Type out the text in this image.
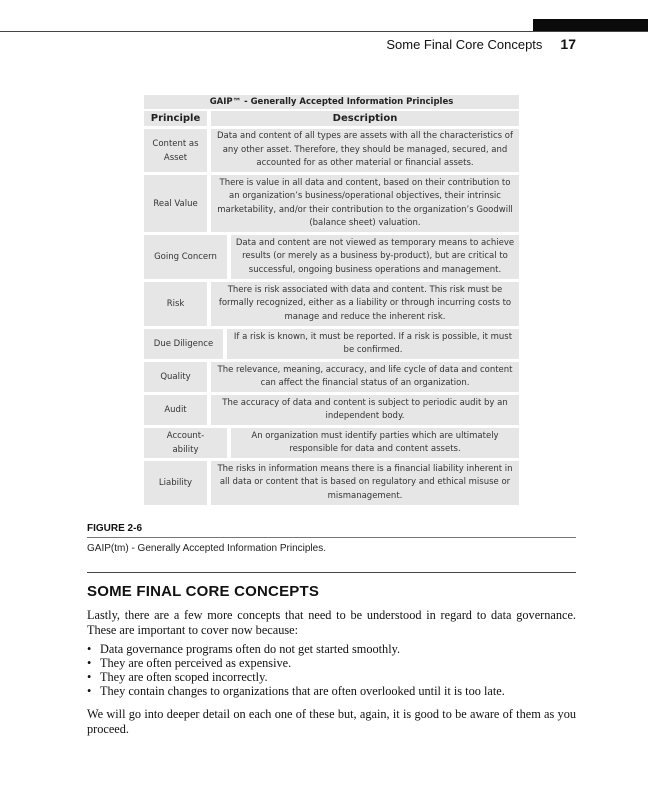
Some Final Core Concepts 17
GAIP™ - Generally Accepted Information Principles
Principle	Description
Content as Asset
Data and content of all types are assets with all the characteristics of any other asset. Therefore, they should be managed, secured, and accounted for as other material or financial assets.
Real Value
There is value in all data and content, based on their contribution to an organization’s business/operational objectives, their intrinsic marketability, and/or their contribution to the organization’s Goodwill (balance sheet) valuation.
Going Concern
Data and content are not viewed as temporary means to achieve results (or merely as a business by-product), but are critical to successful, ongoing business operations and management.
Risk
There is risk associated with data and content. This risk must be formally recognized, either as a liability or through incurring costs to manage and reduce the inherent risk.
Due Diligence
If a risk is known, it must be reported. If a risk is possible, it must be confirmed.
Quality
The relevance, meaning, accuracy, and life cycle of data and content can affect the financial status of an organization.
Audit
The accuracy of data and content is subject to periodic audit by an independent body.
Account-ability
An organization must identify parties which are ultimately responsible for data and content assets.
Liability
The risks in information means there is a financial liability inherent in all data or content that is based on regulatory and ethical misuse or mismanagement.
FIGURE 2-6
GAIP(tm) - Generally Accepted Information Principles.
SOME FINAL CORE CONCEPTS

Lastly, there are a few more concepts that need to be understood in regard to data governance. These are important to cover now because:

• Data governance programs often do not get started smoothly.
• They are often perceived as expensive.
• They are often scoped incorrectly.
• They contain changes to organizations that are often overlooked until it is too late.

We will go into deeper detail on each one of these but, again, it is good to be aware of them as you proceed.
